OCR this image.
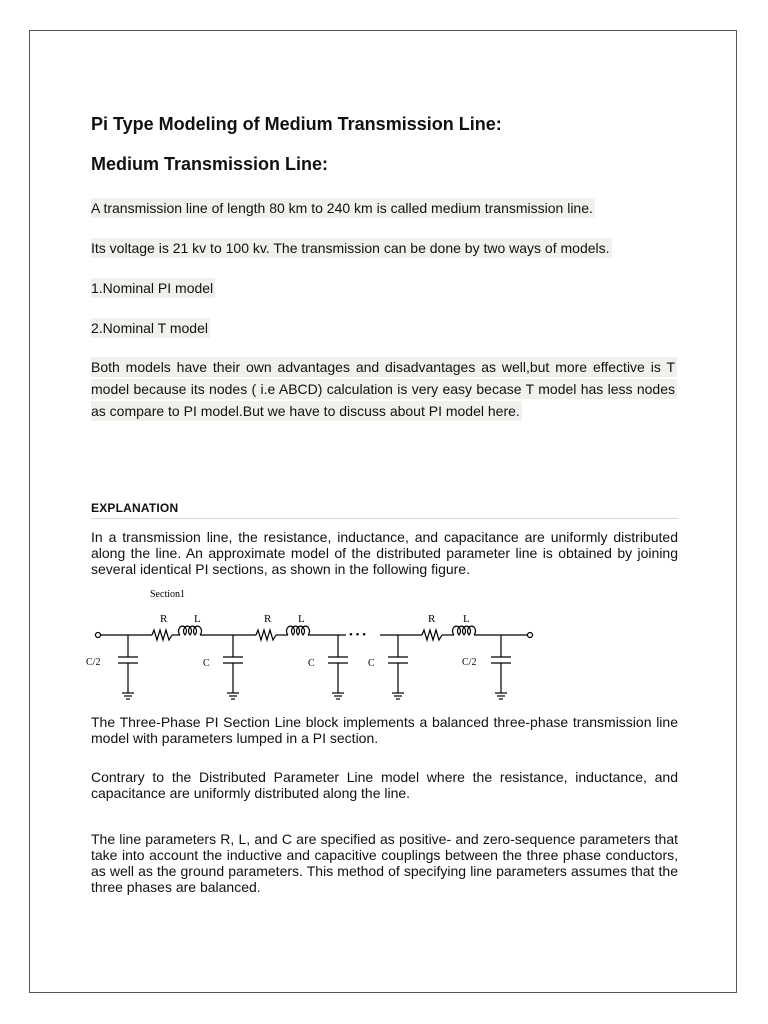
Pi Type Modeling of Medium Transmission Line:
Medium Transmission Line:

A transmission line of length 80 km to 240 km is called medium transmission line.

Its voltage is 21 kv to 100 kv. The transmission can be done by two ways of models.

1.Nominal PI model

2.Nominal T model

Both models have their own advantages and disadvantages as well,but more effective is T model because its nodes ( i.e ABCD) calculation is very easy becase T model has less nodes as compare to PI model.But we have to discuss about PI model here.

EXPLANATION

In a transmission line, the resistance, inductance, and capacitance are uniformly distributed along the line. An approximate model of the distributed parameter line is obtained by joining several identical PI sections, as shown in the following figure.

The Three-Phase PI Section Line block implements a balanced three-phase transmission line model with parameters lumped in a PI section.

Contrary to the Distributed Parameter Line model where the resistance, inductance, and capacitance are uniformly distributed along the line.

The line parameters R, L, and C are specified as positive- and zero-sequence parameters that take into account the inductive and capacitive couplings between the three phase conductors, as well as the ground parameters. This method of specifying line parameters assumes that the three phases are balanced.

Section1
R L	R L
• • •
R	L
C/2	C	C	C	C/2
